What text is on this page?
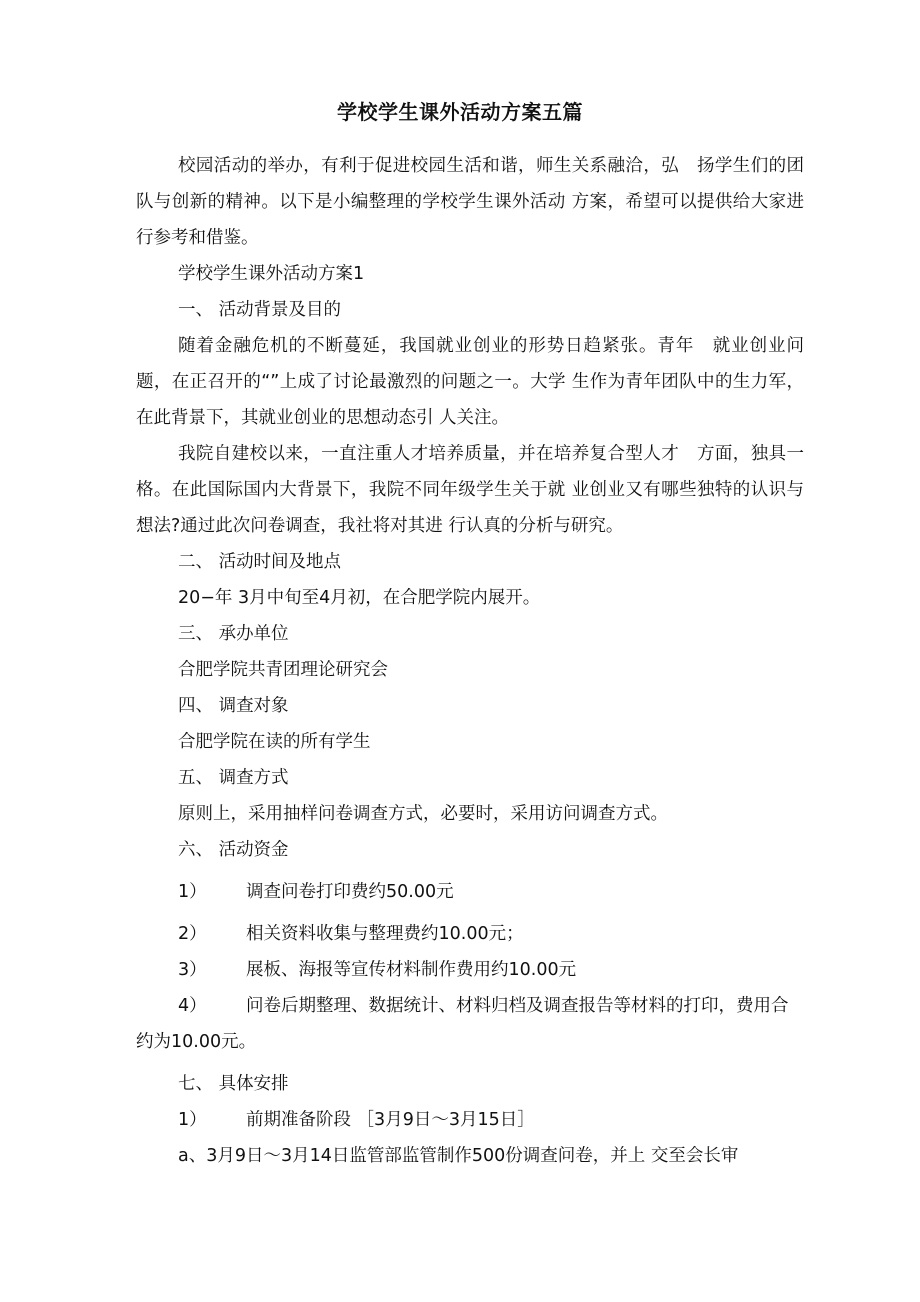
学校学生课外活动方案五篇

校园活动的举办，有利于促进校园生活和谐，师生关系融洽，弘　扬学生们的团队与创新的精神。以下是小编整理的学校学生课外活动 方案，希望可以提供给大家进行参考和借鉴。

学校学生课外活动方案1

一、 活动背景及目的

随着金融危机的不断蔓延，我国就业创业的形势日趋紧张。青年　就业创业问题，在正召开的“”上成了讨论最激烈的问题之一。大学 生作为青年团队中的生力军，在此背景下，其就业创业的思想动态引 人关注。

我院自建校以来，一直注重人才培养质量，并在培养复合型人才　方面，独具一格。在此国际国内大背景下，我院不同年级学生关于就 业创业又有哪些独特的认识与想法?通过此次问卷调查，我社将对其进 行认真的分析与研究。

二、 活动时间及地点

20−年 3月中旬至4月初，在合肥学院内展开。

三、 承办单位

合肥学院共青团理论研究会

四、 调查对象

合肥学院在读的所有学生

五、 调查方式

原则上，采用抽样问卷调查方式，必要时，采用访问调查方式。

六、 活动资金

1）	调查问卷打印费约50.00元

2）	相关资料收集与整理费约10.00元；

3）	展板、海报等宣传材料制作费用约10.00元

4） 问卷后期整理、数据统计、材料归档及调查报告等材料的打印，费用合约为10.00元。

七、 具体安排

1）	前期准备阶段 ［3月9日〜3月15日］

a、3月9日〜3月14日监管部监管制作500份调查问卷，并上 交至会长审
